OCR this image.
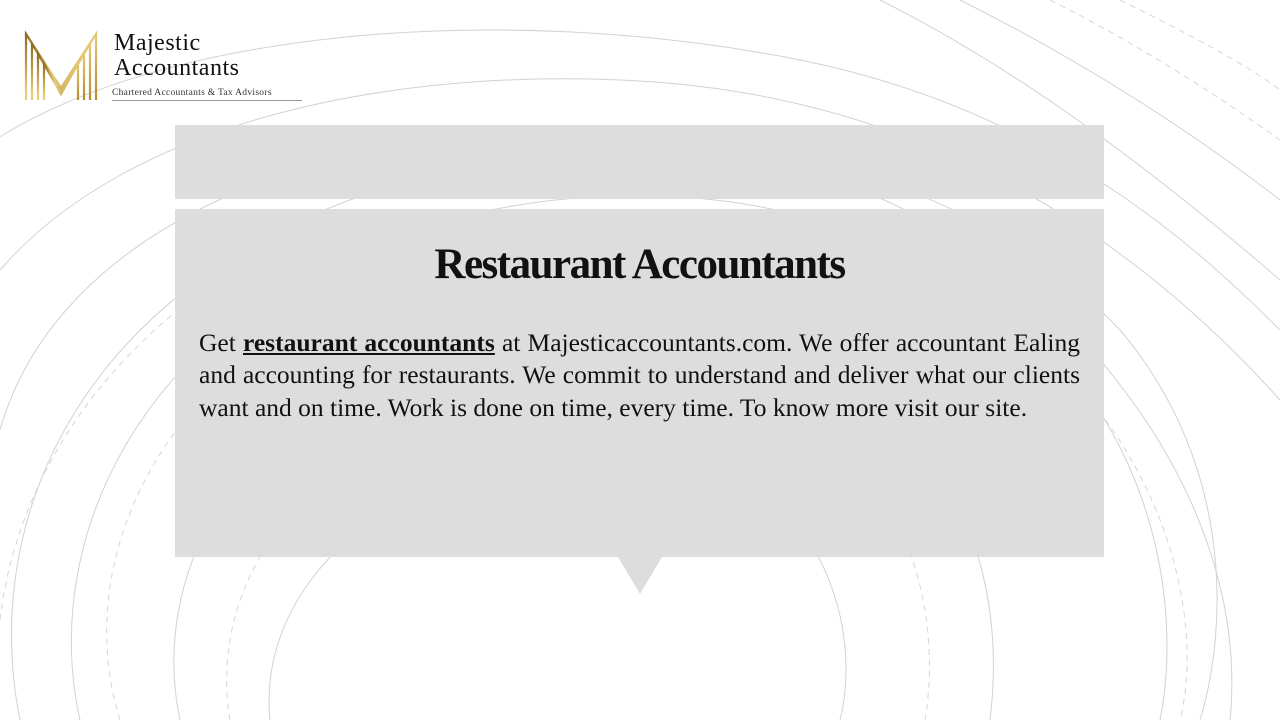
Majestic
Accountants
Chartered Accountants & Tax Advisors
Restaurant Accountants

Get restaurant accountants at Majesticaccountants.com. We offer accountant Ealing and accounting for restaurants. We commit to understand and deliver what our clients want and on time. Work is done on time, every time. To know more visit our site.
